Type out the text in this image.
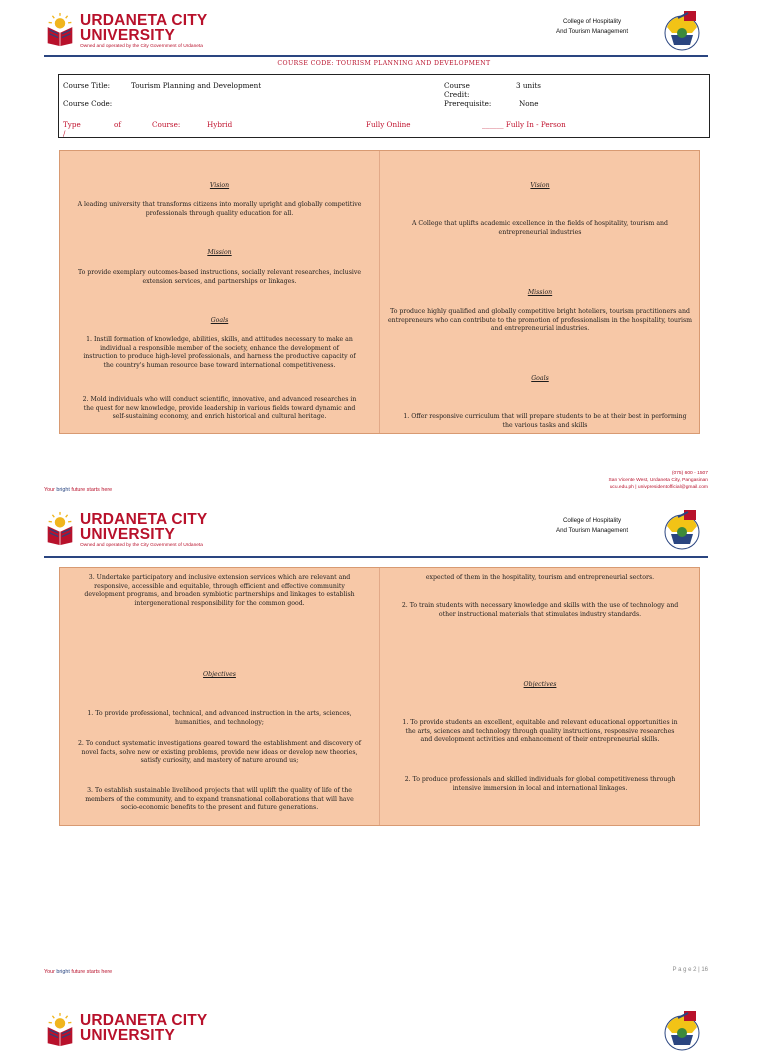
URDANETA CITY
UNIVERSITY
Owned and operated by the City Government of Urdaneta
College of Hospitality
And Tourism Management
COURSE CODE: TOURISM PLANNING AND DEVELOPMENT
Course Title:	Tourism Planning and Development
Course Code:
Course
Credit:
3 units
Prerequisite:	None
Type	of	Course:
/
Hybrid	Fully Online	______ Fully In - Person
Vision
A leading university that transforms citizens into morally upright and globally competitive professionals through quality education for all.
Mission
To provide exemplary outcomes-based instructions, socially relevant researches, inclusive extension services, and partnerships or linkages.
Goals
1. Instill formation of knowledge, abilities, skills, and attitudes necessary to make an individual a responsible member of the society, enhance the development of instruction to produce high-level professionals, and harness the productive capacity of the country's human resource base toward international competitiveness.
2. Mold individuals who will conduct scientific, innovative, and advanced researches in the quest for new knowledge, provide leadership in various fields toward dynamic and self-sustaining economy, and enrich historical and cultural heritage.
Vision
A College that uplifts academic excellence in the fields of hospitality, tourism and entrepreneurial industries
Mission
To produce highly qualified and globally competitive bright hoteliers, tourism practitioners and entrepreneurs who can contribute to the promotion of professionalism in the hospitality, tourism and entrepreneurial industries.
Goals
1. Offer responsive curriculum that will prepare students to be at their best in performing the various tasks and skills
(075) 600 - 1507
San Vicente West, Urdaneta City, Pangasinan
ucu.edu.ph | univpresidentofficial@gmail.com
Your bright future starts here
URDANETA CITY
UNIVERSITY
Owned and operated by the City Government of Urdaneta
College of Hospitality
And Tourism Management
3. Undertake participatory and inclusive extension services which are relevant and responsive, accessible and equitable, through efficient and effective community development programs, and broaden symbiotic partnerships and linkages to establish intergenerational responsibility for the common good.
Objectives
1. To provide professional, technical, and advanced instruction in the arts, sciences, humanities, and technology;
2. To conduct systematic investigations geared toward the establishment and discovery of novel facts, solve new or existing problems, provide new ideas or develop new theories, satisfy curiosity, and mastery of nature around us;
3. To establish sustainable livelihood projects that will uplift the quality of life of the members of the community, and to expand transnational collaborations that will have socio-economic benefits to the present and future generations.
expected of them in the hospitality, tourism and entrepreneurial sectors.
2. To train students with necessary knowledge and skills with the use of technology and other instructional materials that stimulates industry standards.
Objectives
1. To provide students an excellent, equitable and relevant educational opportunities in the arts, sciences and technology through quality instructions, responsive researches and development activities and enhancement of their entrepreneurial skills.
2. To produce professionals and skilled individuals for global competitiveness through intensive immersion in local and international linkages.
Your bright future starts here	P a g e 2 | 16
URDANETA CITY
UNIVERSITY
